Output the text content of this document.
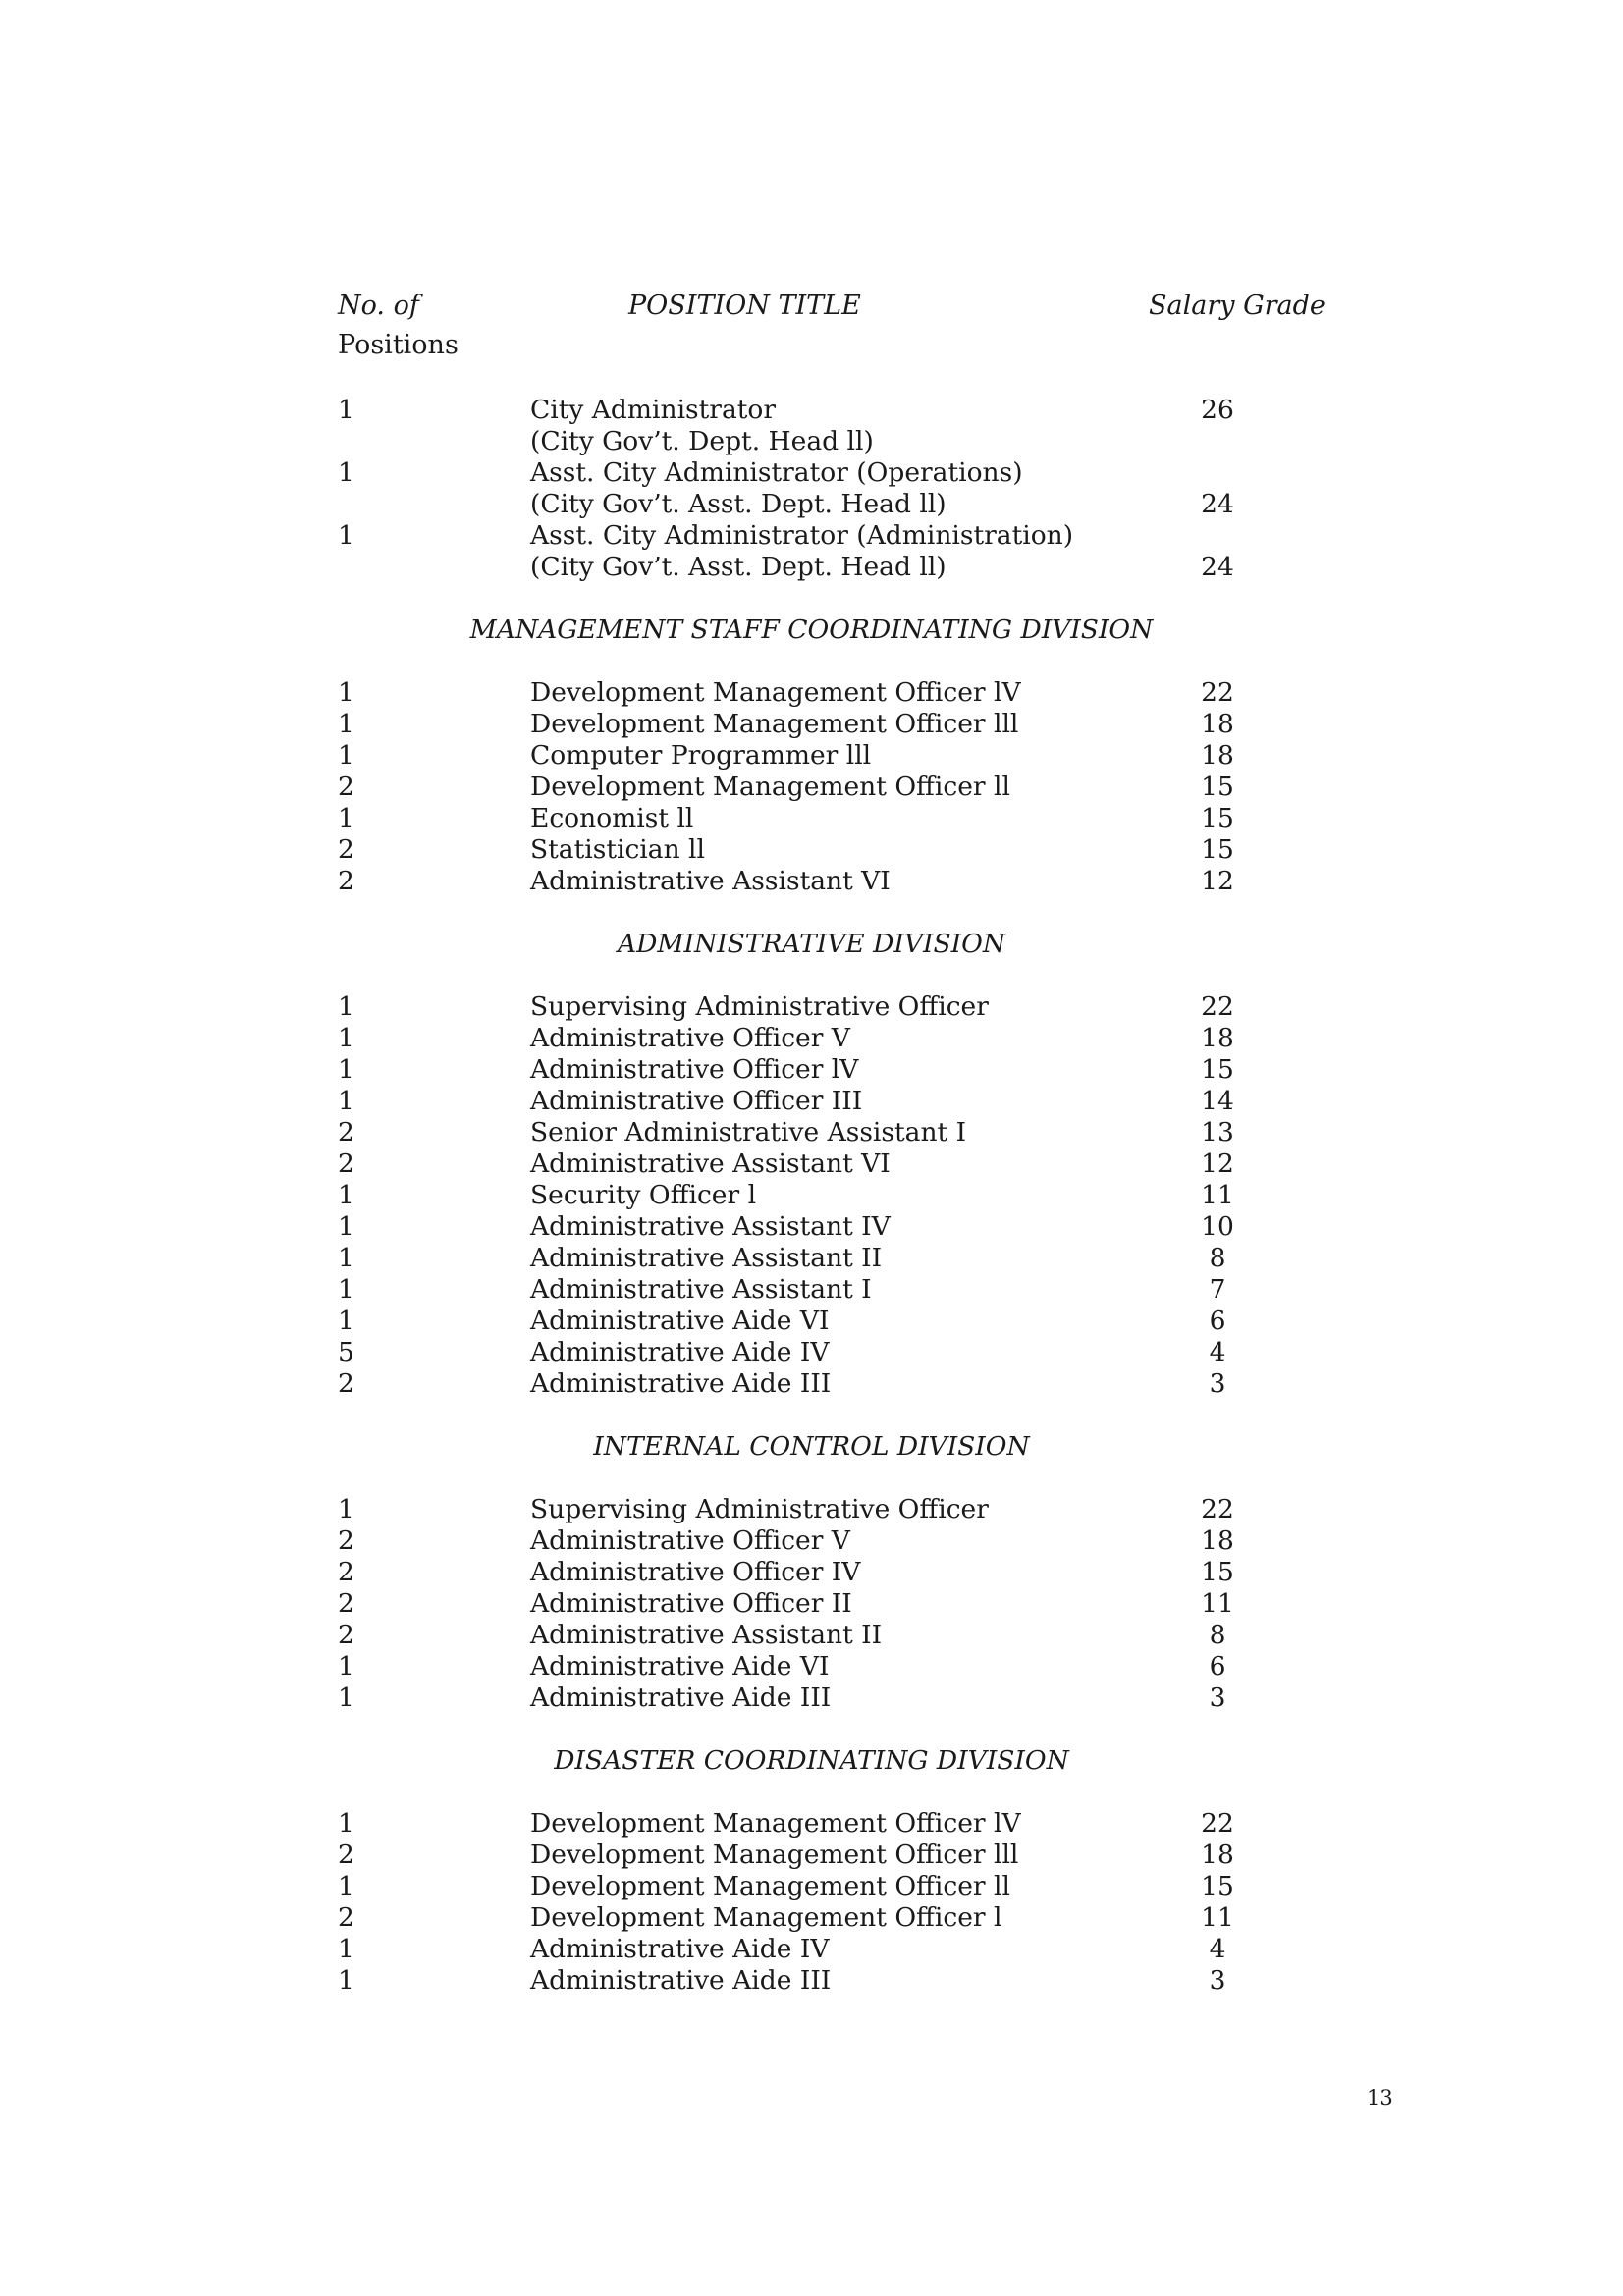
No. of
Positions
POSITION TITLE	Salary Grade
1	City Administrator	26
(City Gov’t. Dept. Head ll)
1	Asst. City Administrator (Operations)
(City Gov’t. Asst. Dept. Head ll)	24
1	Asst. City Administrator (Administration)
(City Gov’t. Asst. Dept. Head ll)	24
MANAGEMENT STAFF COORDINATING DIVISION
1	Development Management Officer lV	22
1	Development Management Officer lll	18
1	Computer Programmer lll	18
2	Development Management Officer ll	15
1	Economist ll	15
2	Statistician ll	15
2	Administrative Assistant VI	12
ADMINISTRATIVE DIVISION
1	Supervising Administrative Officer	22
1	Administrative Officer V	18
1	Administrative Officer lV	15
1	Administrative Officer III	14
2	Senior Administrative Assistant I	13
2	Administrative Assistant VI	12
1	Security Officer l	11
1	Administrative Assistant IV	10
1	Administrative Assistant II	8
1	Administrative Assistant I	7
1	Administrative Aide VI	6
5	Administrative Aide IV	4
2	Administrative Aide III	3
INTERNAL CONTROL DIVISION
1	Supervising Administrative Officer	22
2	Administrative Officer V	18
2	Administrative Officer IV	15
2	Administrative Officer II	11
2	Administrative Assistant II	8
1	Administrative Aide VI	6
1	Administrative Aide III	3
DISASTER COORDINATING DIVISION
1	Development Management Officer lV	22
2	Development Management Officer lll	18
1	Development Management Officer ll	15
2	Development Management Officer l	11
1	Administrative Aide IV	4
1	Administrative Aide III	3
13
